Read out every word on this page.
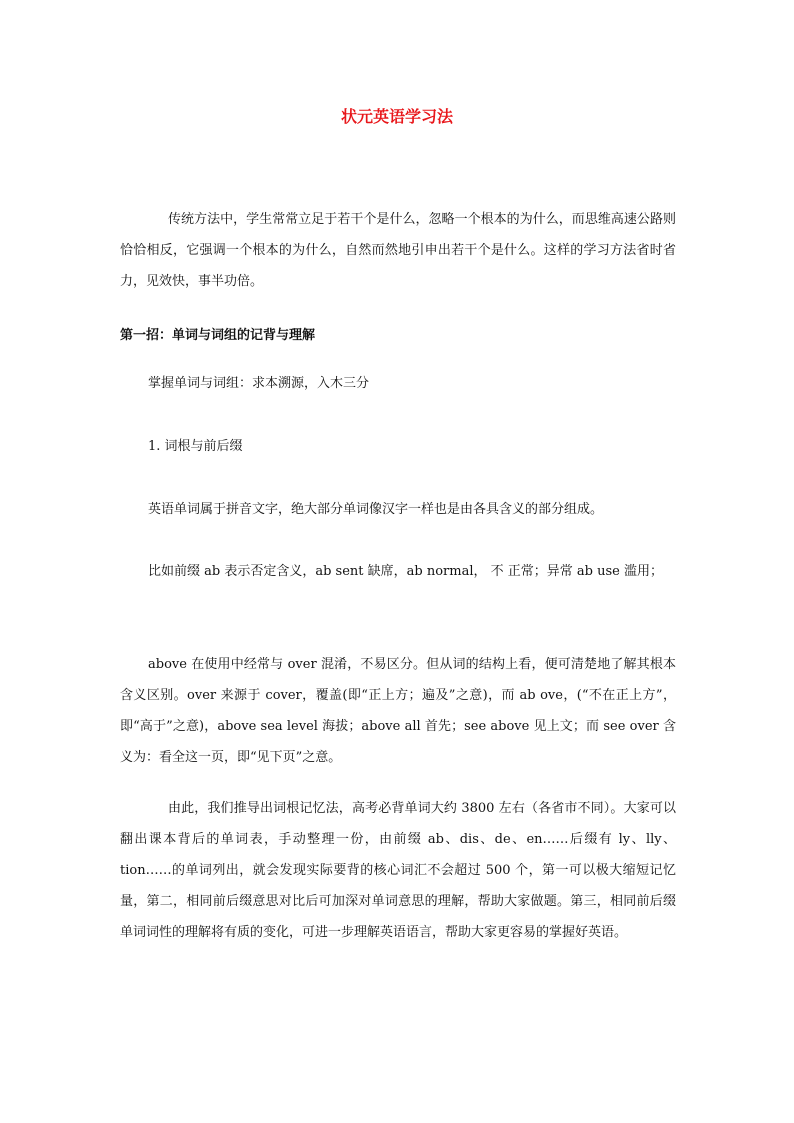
状元英语学习法

传统方法中，学生常常立足于若干个是什么，忽略一个根本的为什么，而思维高速公路则恰恰相反，它强调一个根本的为什么，自然而然地引申出若干个是什么。这样的学习方法省时省力，见效快，事半功倍。

第一招：单词与词组的记背与理解

掌握单词与词组：求本溯源，入木三分

1. 词根与前后缀

英语单词属于拼音文字，绝大部分单词像汉字一样也是由各具含义的部分组成。

比如前缀 ab 表示否定含义，ab sent 缺席，ab normal， 不 正常；异常 ab use 滥用；

above 在使用中经常与 over 混淆，不易区分。但从词的结构上看，便可清楚地了解其根本含义区别。over 来源于 cover，覆盖(即“正上方；遍及”之意)，而 ab ove，(“不在正上方”，即“高于”之意)，above sea level 海拔；above all 首先；see above 见上文；而 see over 含义为：看全这一页，即“见下页”之意。

由此，我们推导出词根记忆法，高考必背单词大约 3800 左右（各省市不同）。大家可以翻出课本背后的单词表，手动整理一份，由前缀 ab、dis、de、en……后缀有 ly、lly、tion……的单词列出，就会发现实际要背的核心词汇不会超过 500 个，第一可以极大缩短记忆量，第二，相同前后缀意思对比后可加深对单词意思的理解，帮助大家做题。第三，相同前后缀单词词性的理解将有质的变化，可进一步理解英语语言，帮助大家更容易的掌握好英语。
